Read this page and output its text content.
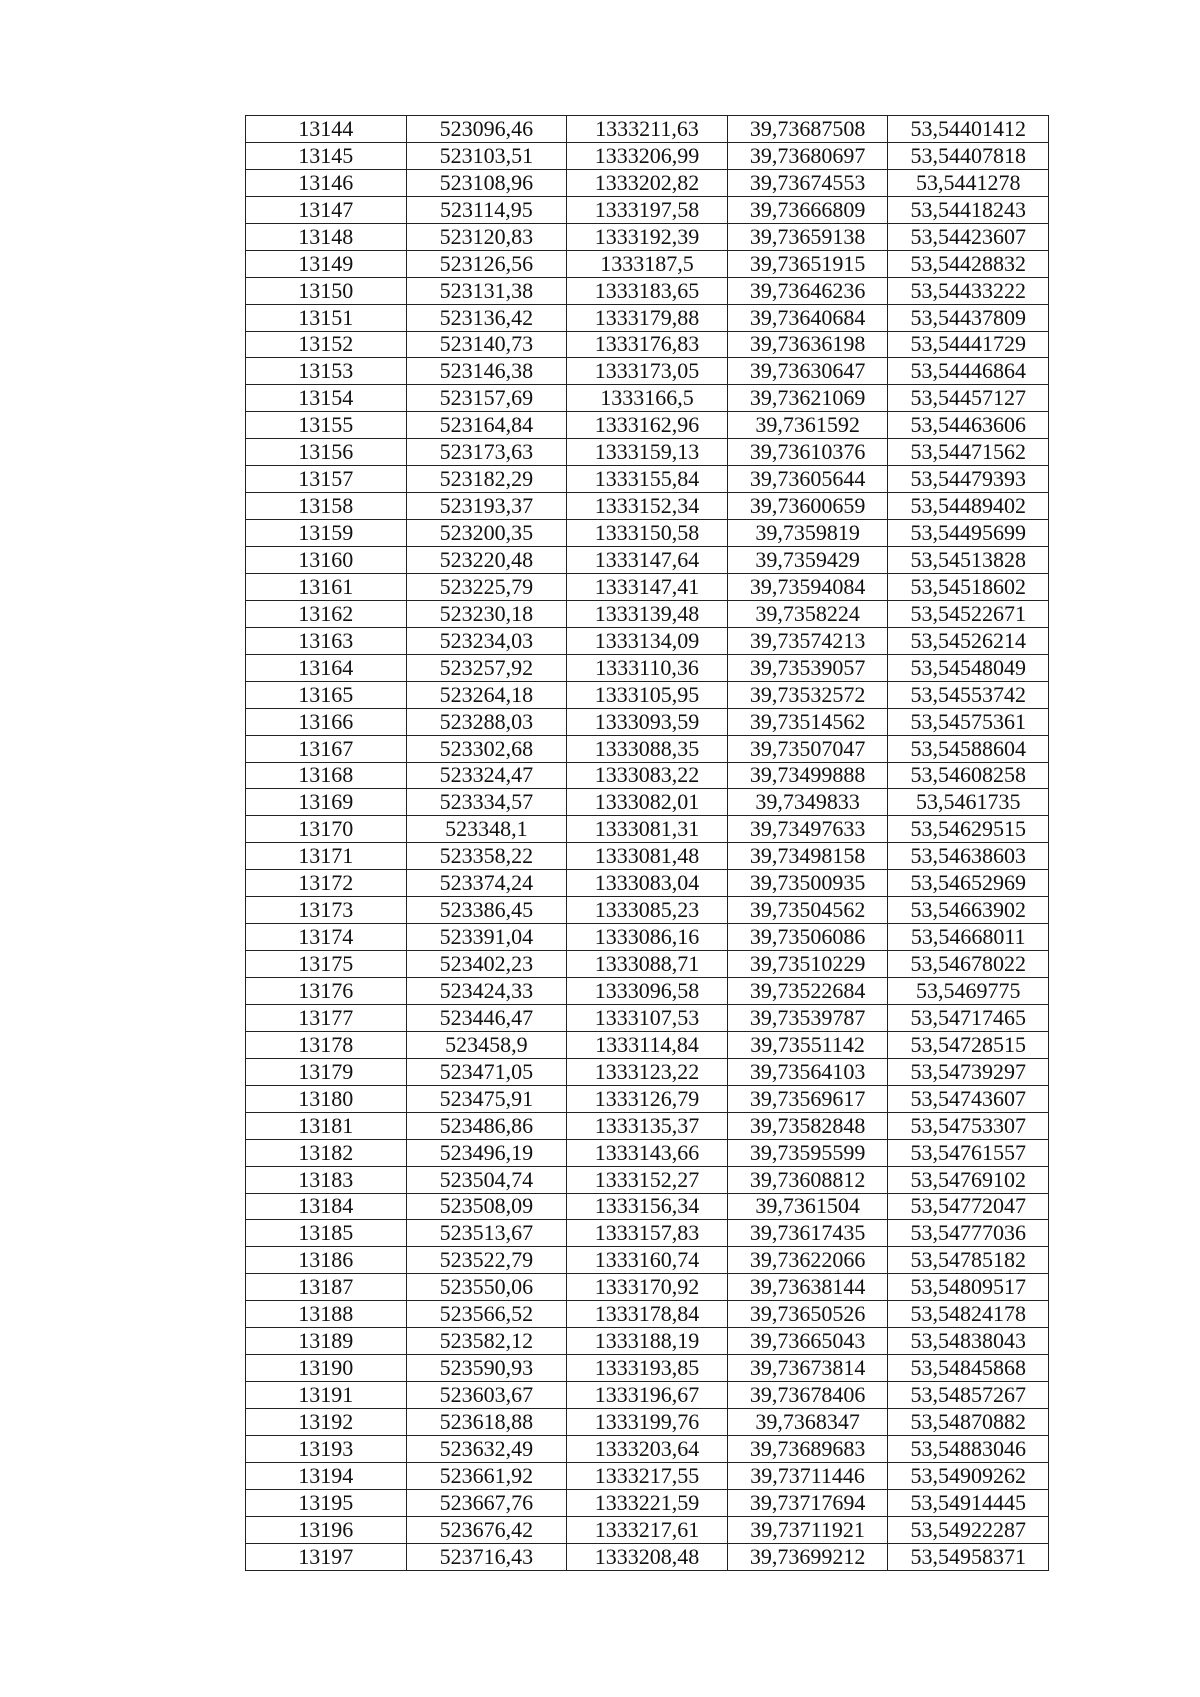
13144	523096,46	1333211,63	39,73687508	53,54401412
13145	523103,51	1333206,99	39,73680697	53,54407818
13146	523108,96	1333202,82	39,73674553	53,5441278
13147	523114,95	1333197,58	39,73666809	53,54418243
13148	523120,83	1333192,39	39,73659138	53,54423607
13149	523126,56	1333187,5	39,73651915	53,54428832
13150	523131,38	1333183,65	39,73646236	53,54433222
13151	523136,42	1333179,88	39,73640684	53,54437809
13152	523140,73	1333176,83	39,73636198	53,54441729
13153	523146,38	1333173,05	39,73630647	53,54446864
13154	523157,69	1333166,5	39,73621069	53,54457127
13155	523164,84	1333162,96	39,7361592	53,54463606
13156	523173,63	1333159,13	39,73610376	53,54471562
13157	523182,29	1333155,84	39,73605644	53,54479393
13158	523193,37	1333152,34	39,73600659	53,54489402
13159	523200,35	1333150,58	39,7359819	53,54495699
13160	523220,48	1333147,64	39,7359429	53,54513828
13161	523225,79	1333147,41	39,73594084	53,54518602
13162	523230,18	1333139,48	39,7358224	53,54522671
13163	523234,03	1333134,09	39,73574213	53,54526214
13164	523257,92	1333110,36	39,73539057	53,54548049
13165	523264,18	1333105,95	39,73532572	53,54553742
13166	523288,03	1333093,59	39,73514562	53,54575361
13167	523302,68	1333088,35	39,73507047	53,54588604
13168	523324,47	1333083,22	39,73499888	53,54608258
13169	523334,57	1333082,01	39,7349833	53,5461735
13170	523348,1	1333081,31	39,73497633	53,54629515
13171	523358,22	1333081,48	39,73498158	53,54638603
13172	523374,24	1333083,04	39,73500935	53,54652969
13173	523386,45	1333085,23	39,73504562	53,54663902
13174	523391,04	1333086,16	39,73506086	53,54668011
13175	523402,23	1333088,71	39,73510229	53,54678022
13176	523424,33	1333096,58	39,73522684	53,5469775
13177	523446,47	1333107,53	39,73539787	53,54717465
13178	523458,9	1333114,84	39,73551142	53,54728515
13179	523471,05	1333123,22	39,73564103	53,54739297
13180	523475,91	1333126,79	39,73569617	53,54743607
13181	523486,86	1333135,37	39,73582848	53,54753307
13182	523496,19	1333143,66	39,73595599	53,54761557
13183	523504,74	1333152,27	39,73608812	53,54769102
13184	523508,09	1333156,34	39,7361504	53,54772047
13185	523513,67	1333157,83	39,73617435	53,54777036
13186	523522,79	1333160,74	39,73622066	53,54785182
13187	523550,06	1333170,92	39,73638144	53,54809517
13188	523566,52	1333178,84	39,73650526	53,54824178
13189	523582,12	1333188,19	39,73665043	53,54838043
13190	523590,93	1333193,85	39,73673814	53,54845868
13191	523603,67	1333196,67	39,73678406	53,54857267
13192	523618,88	1333199,76	39,7368347	53,54870882
13193	523632,49	1333203,64	39,73689683	53,54883046
13194	523661,92	1333217,55	39,73711446	53,54909262
13195	523667,76	1333221,59	39,73717694	53,54914445
13196	523676,42	1333217,61	39,73711921	53,54922287
13197	523716,43	1333208,48	39,73699212	53,54958371
